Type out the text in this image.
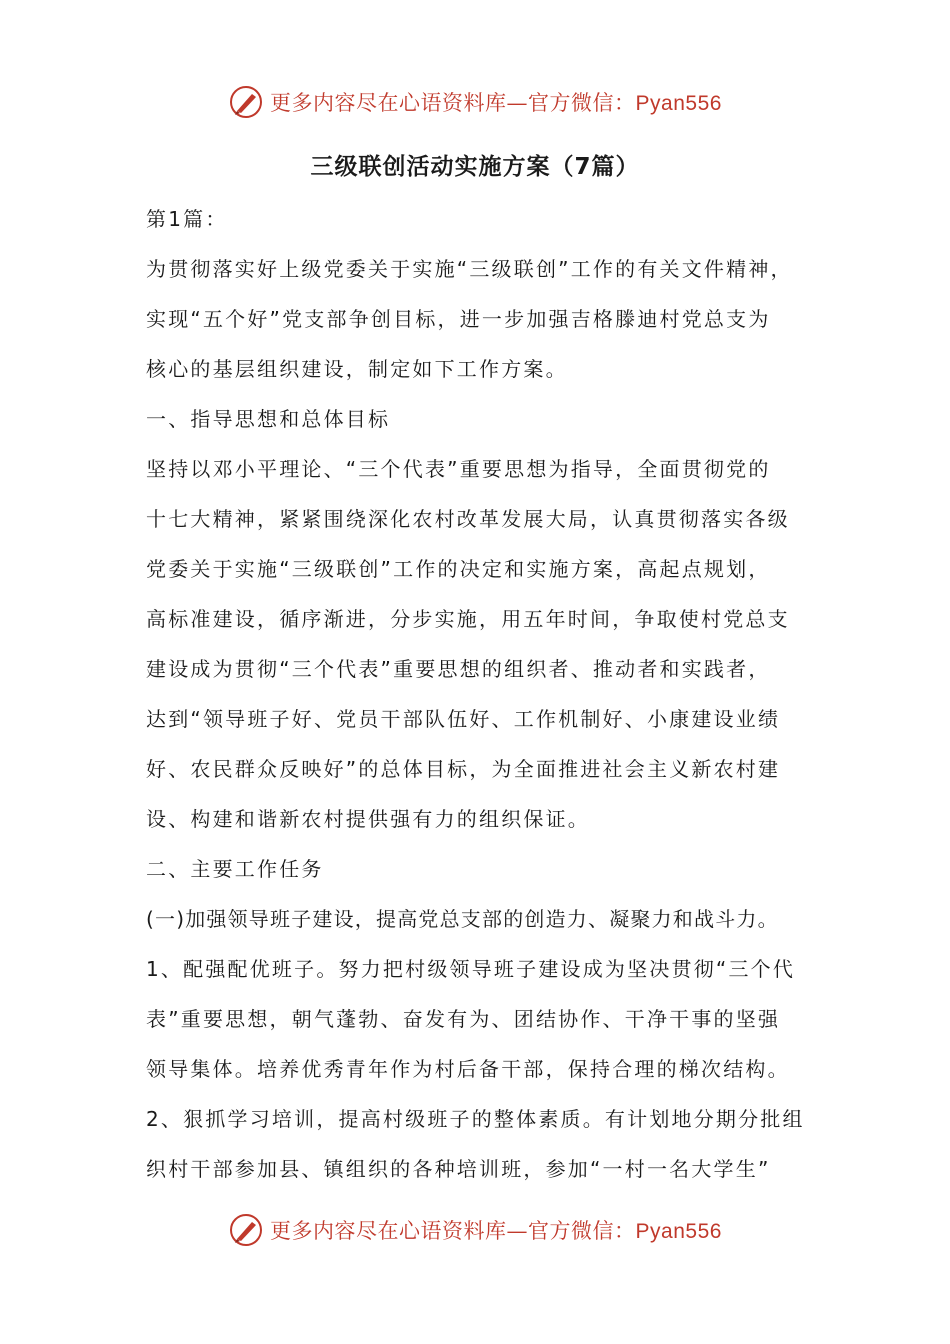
更多内容尽在心语资料库—官方微信：Pyan556
三级联创活动实施方案（7篇）
第1篇：
为贯彻落实好上级党委关于实施“三级联创”工作的有关文件精神，
实现“五个好”党支部争创目标，进一步加强吉格滕迪村党总支为
核心的基层组织建设，制定如下工作方案。
一、指导思想和总体目标
坚持以邓小平理论、“三个代表”重要思想为指导，全面贯彻党的
十七大精神，紧紧围绕深化农村改革发展大局，认真贯彻落实各级
党委关于实施“三级联创”工作的决定和实施方案，高起点规划，
高标准建设，循序渐进，分步实施，用五年时间，争取使村党总支
建设成为贯彻“三个代表”重要思想的组织者、推动者和实践者，
达到“领导班子好、党员干部队伍好、工作机制好、小康建设业绩
好、农民群众反映好”的总体目标，为全面推进社会主义新农村建
设、构建和谐新农村提供强有力的组织保证。
二、主要工作任务
(一)加强领导班子建设，提高党总支部的创造力、凝聚力和战斗力。
1、配强配优班子。努力把村级领导班子建设成为坚决贯彻“三个代
表”重要思想，朝气蓬勃、奋发有为、团结协作、干净干事的坚强
领导集体。培养优秀青年作为村后备干部，保持合理的梯次结构。
2、狠抓学习培训，提高村级班子的整体素质。有计划地分期分批组
织村干部参加县、镇组织的各种培训班，参加“一村一名大学生”
更多内容尽在心语资料库—官方微信：Pyan556
